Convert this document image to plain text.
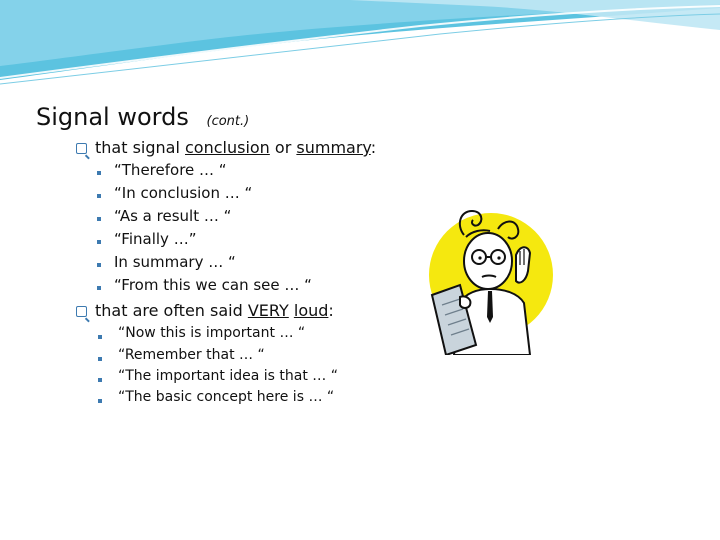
Signal words (cont.)
that signal conclusion or summary:
“Therefore … “
“In conclusion … “
“As a result … “
“Finally …”
In summary … “
“From this we can see … “
that are often said VERY loud:
“Now this is important … “
“Remember that … “
“The important idea is that … “
“The basic concept here is … “
